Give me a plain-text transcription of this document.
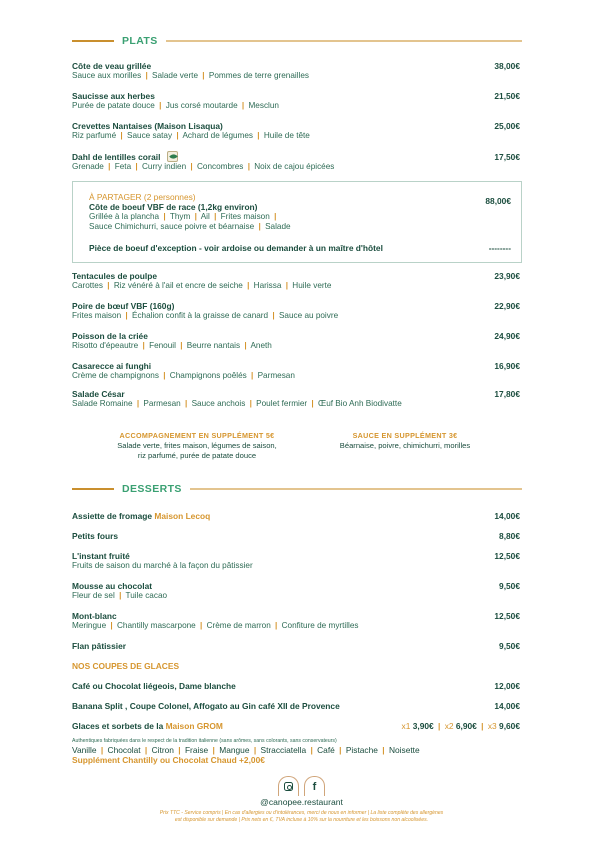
PLATS
Côte de veau grillée	38,00€
Sauce aux morilles | Salade verte | Pommes de terre grenailles
Saucisse aux herbes	21,50€
Purée de patate douce | Jus corsé moutarde | Mesclun
Crevettes Nantaises (Maison Lisaqua)	25,00€
Riz parfumé | Sauce satay | Achard de légumes | Huile de tête
Dahl de lentilles corail	17,50€
Grenade | Feta | Curry indien | Concombres | Noix de cajou épicées
À PARTAGER (2 personnes)
Côte de boeuf VBF de race (1,2kg environ)
Grillée à la plancha | Thym | Ail | Frites maison |
Sauce Chimichurri, sauce poivre et béarnaise | Salade
88,00€
Pièce de boeuf d'exception - voir ardoise ou demander à un maître d'hôtel	--------
Tentacules de poulpe	23,90€
Carottes | Riz vénéré à l'ail et encre de seiche | Harissa | Huile verte
Poire de bœuf VBF (160g)	22,90€
Frites maison | Échalion confit à la graisse de canard | Sauce au poivre
Poisson de la criée	24,90€
Risotto d'épeautre | Fenouil | Beurre nantais | Aneth
Casarecce ai funghi	16,90€
Crème de champignons | Champignons poêlés | Parmesan
Salade César	17,80€
Salade Romaine | Parmesan | Sauce anchois | Poulet fermier | Œuf Bio Anh Biodivatte
ACCOMPAGNEMENT EN SUPPLÉMENT 5€
Salade verte, frites maison, légumes de saison,
riz parfumé, purée de patate douce
SAUCE EN SUPPLÉMENT 3€
Béarnaise, poivre, chimichurri, morilles
DESSERTS
Assiette de fromage Maison Lecoq	14,00€
Petits fours	8,80€
L'instant fruité	12,50€
Fruits de saison du marché à la façon du pâtissier
Mousse au chocolat	9,50€
Fleur de sel | Tuile cacao
Mont-blanc	12,50€
Meringue | Chantilly mascarpone | Crème de marron | Confiture de myrtilles
Flan pâtissier	9,50€
NOS COUPES DE GLACES
Café ou Chocolat liégeois, Dame blanche	12,00€
Banana Split , Coupe Colonel, Affogato au Gin café XII de Provence	14,00€
Glaces et sorbets de la Maison GROM	x1 3,90€ | x2 6,90€ | x3 9,60€
Authentiques fabriquées dans le respect de la tradition italienne (sans arômes, sans colorants, sans conservateurs)
Vanille | Chocolat | Citron | Fraise | Mangue | Stracciatella | Café | Pistache | Noisette
Supplément Chantilly ou Chocolat Chaud +2,00€
f
@canopee.restaurant
Prix TTC - Service compris | En cas d'allergies ou d'intolérances, merci de nous en informer | La liste complète des allergènes
est disponible sur demande | Prix nets en €, TVA incluse à 10% sur la nourriture et les boissons non alcoolisées.
